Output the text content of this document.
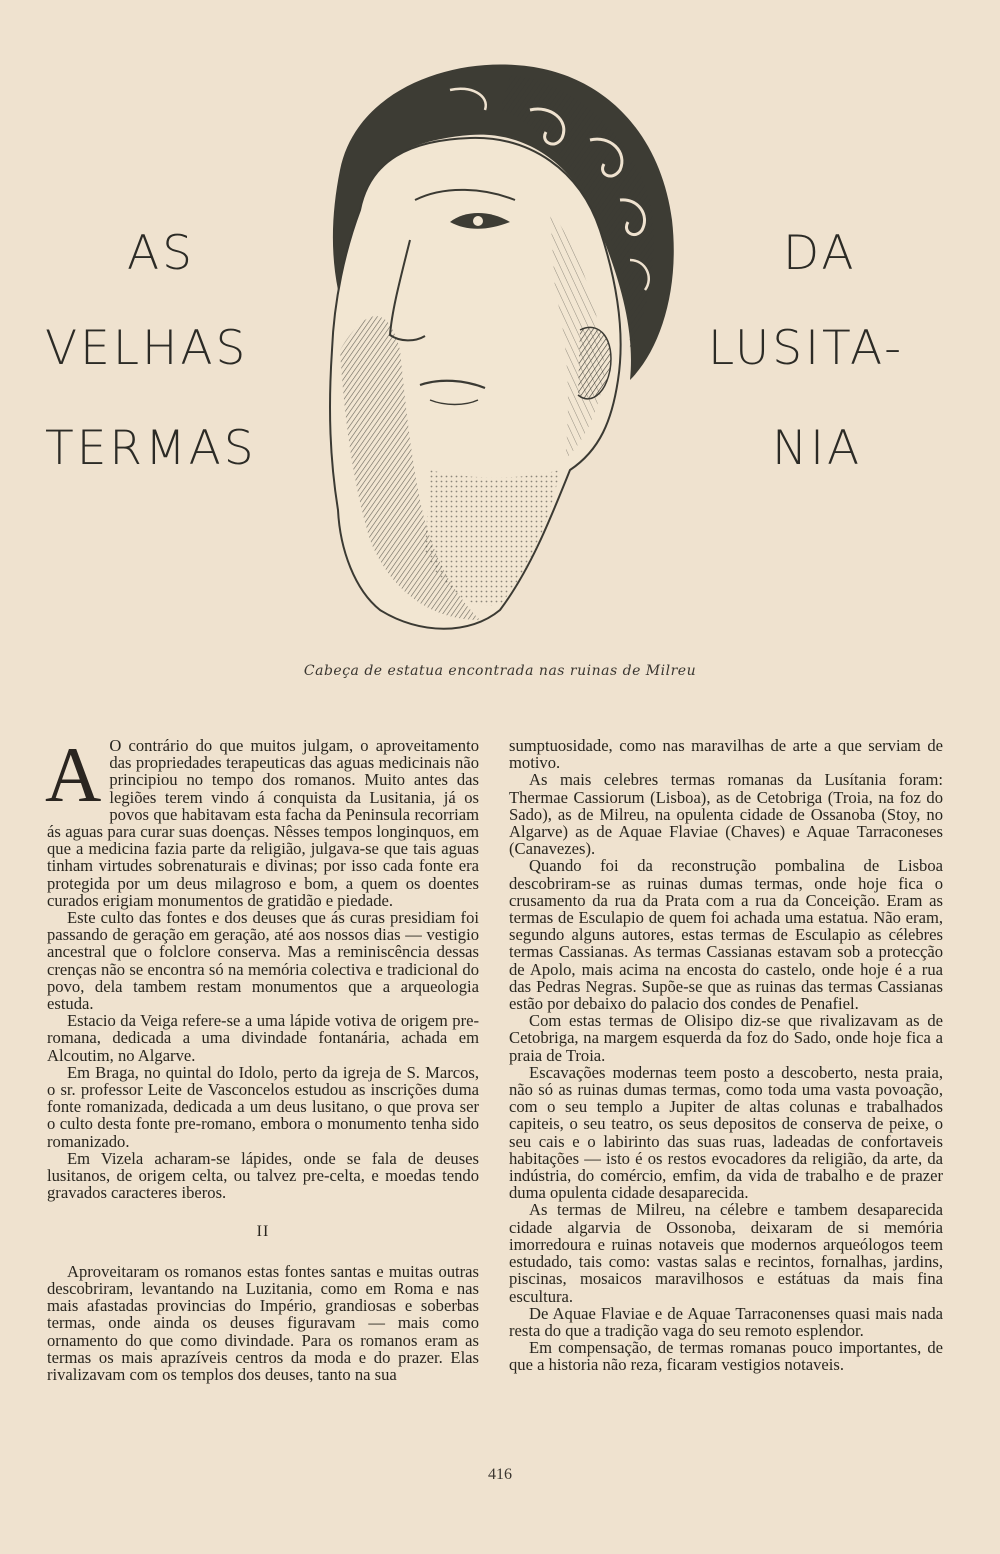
AS
VELHAS
TERMAS
DA
LUSITA-
NIA
Cabeça de estatua encontrada nas ruinas de Milreu

A O contrário do que muitos julgam, o aproveitamento das propriedades terapeuticas das aguas medicinais não principiou no tempo dos romanos. Muito antes das legiões terem vindo á conquista da Lusitania, já os povos que habitavam esta facha da Peninsula recorriam ás aguas para curar suas doenças. Nêsses tempos longinquos, em que a medicina fazia parte da religião, julgava-se que tais aguas tinham virtudes sobrenaturais e divinas; por isso cada fonte era protegida por um deus milagroso e bom, a quem os doentes curados erigiam monumentos de gratidão e piedade.

Este culto das fontes e dos deuses que ás curas presidiam foi passando de geração em geração, até aos nossos dias — vestigio ancestral que o folclore conserva. Mas a reminiscência dessas crenças não se encontra só na memória colectiva e tradicional do povo, dela tambem restam monumentos que a arqueologia estuda.

Estacio da Veiga refere-se a uma lápide votiva de origem pre-romana, dedicada a uma divindade fontanária, achada em Alcoutim, no Algarve.

Em Braga, no quintal do Idolo, perto da igreja de S. Marcos, o sr. professor Leite de Vasconcelos estudou as inscrições duma fonte romanizada, dedicada a um deus lusitano, o que prova ser o culto desta fonte pre-romano, embora o monumento tenha sido romanizado.

Em Vizela acharam-se lápides, onde se fala de deuses lusitanos, de origem celta, ou talvez pre-celta, e moedas tendo gravados caracteres iberos.

II

Aproveitaram os romanos estas fontes santas e muitas outras descobriram, levantando na Luzitania, como em Roma e nas mais afastadas provincias do Império, grandiosas e soberbas termas, onde ainda os deuses figuravam — mais como ornamento do que como divindade. Para os romanos eram as termas os mais aprazíveis centros da moda e do prazer. Elas rivalizavam com os templos dos deuses, tanto na sua

sumptuosidade, como nas maravilhas de arte a que serviam de motivo.

As mais celebres termas romanas da Lusítania foram: Thermae Cassiorum (Lisboa), as de Cetobriga (Troia, na foz do Sado), as de Milreu, na opulenta cidade de Ossanoba (Stoy, no Algarve) as de Aquae Flaviae (Chaves) e Aquae Tarraconeses (Canavezes).

Quando foi da reconstrução pombalina de Lisboa descobriram-se as ruinas dumas termas, onde hoje fica o crusamento da rua da Prata com a rua da Conceição. Eram as termas de Esculapio de quem foi achada uma estatua. Não eram, segundo alguns autores, estas termas de Esculapio as célebres termas Cassianas. As termas Cassianas estavam sob a protecção de Apolo, mais acima na encosta do castelo, onde hoje é a rua das Pedras Negras. Supõe-se que as ruinas das termas Cassianas estão por debaixo do palacio dos condes de Penafiel.

Com estas termas de Olisipo diz-se que rivalizavam as de Cetobriga, na margem esquerda da foz do Sado, onde hoje fica a praia de Troia.

Escavações modernas teem posto a descoberto, nesta praia, não só as ruinas dumas termas, como toda uma vasta povoação, com o seu templo a Jupiter de altas colunas e trabalhados capiteis, o seu teatro, os seus depositos de conserva de peixe, o seu cais e o labirinto das suas ruas, ladeadas de confortaveis habitações — isto é os restos evocadores da religião, da arte, da indústria, do comércio, emfim, da vida de trabalho e de prazer duma opulenta cidade desaparecida.

As termas de Milreu, na célebre e tambem desaparecida cidade algarvia de Ossonoba, deixaram de si memória imorredoura e ruinas notaveis que modernos arqueólogos teem estudado, tais como: vastas salas e recintos, fornalhas, jardins, piscinas, mosaicos maravilhosos e estátuas da mais fina escultura.

De Aquae Flaviae e de Aquae Tarraconenses quasi mais nada resta do que a tradição vaga do seu remoto esplendor.

Em compensação, de termas romanas pouco importantes, de que a historia não reza, ficaram vestigios notaveis.

416
